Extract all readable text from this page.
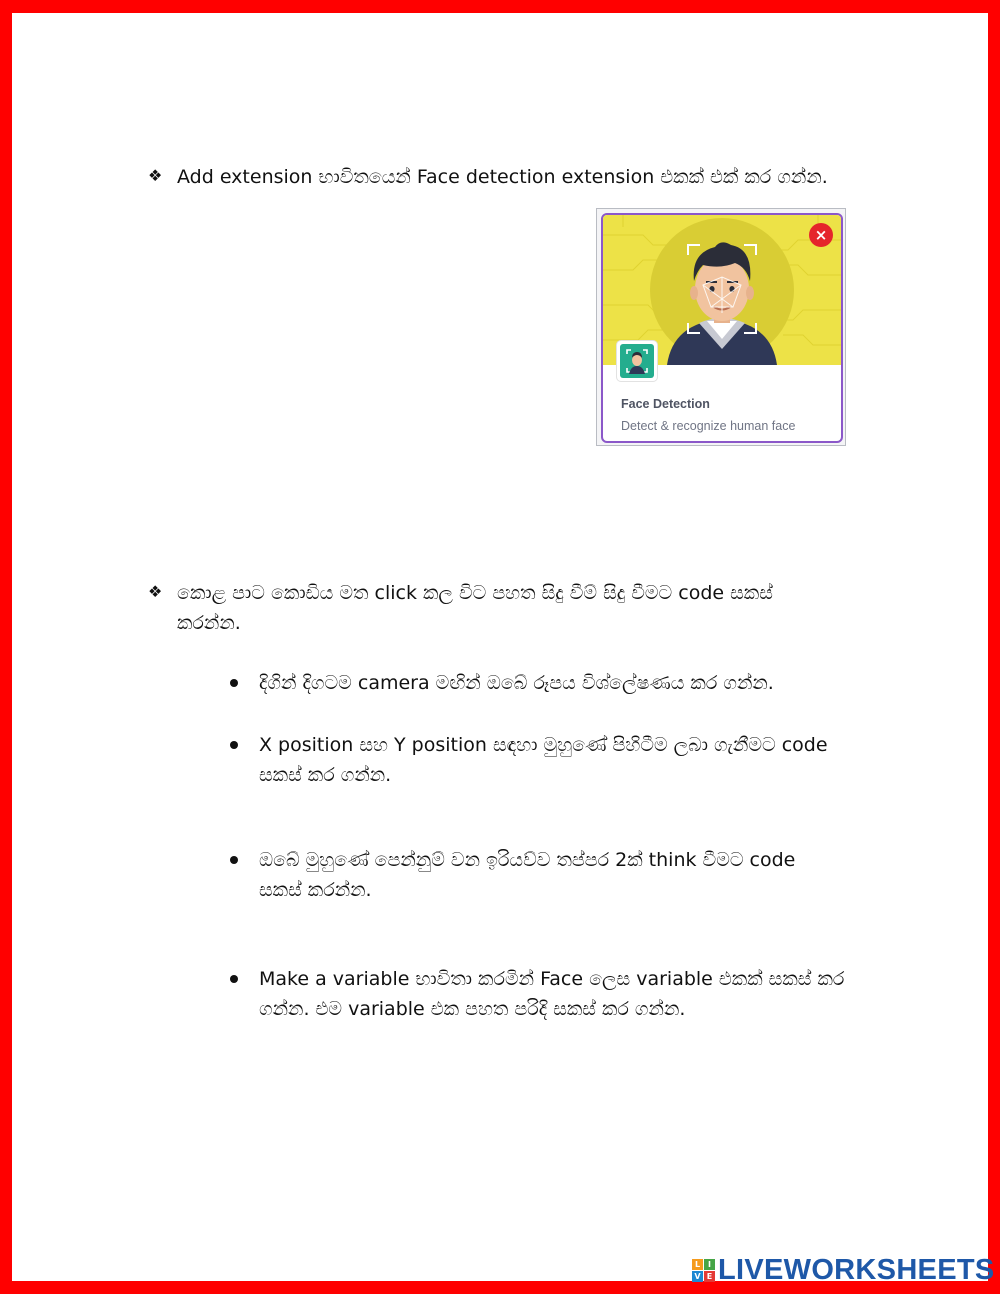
❖ Add extension භාවිතයෙන් Face detection extension එකක් එක් කර ගන්න.
×
Face Detection
Detect & recognize human face
❖ කොළ පාට කොඩිය මත click කල විට පහත සිදු වීම් සිදු වීමට code සකස්
කරන්න.
දිගින් දිගටම camera මඟින් ඔබේ රූපය විශ්ලේෂණය කර ගන්න.
X position සහ Y position සඳහා මුහුණේ පිහිටීම ලබා ගැනීමට code
සකස් කර ගන්න.
ඔබේ මුහුණේ පෙන්නුම් වන ඉරියව්ව තප්පර 2ක් think වීමට code
සකස් කරන්න.
Make a variable භාවිතා කරමින් Face ලෙස variable එකක් සකස් කර
ගන්න. එම variable එක පහත පරිදි සකස් කර ගන්න.
L I
V E LIVEWORKSHEETS
